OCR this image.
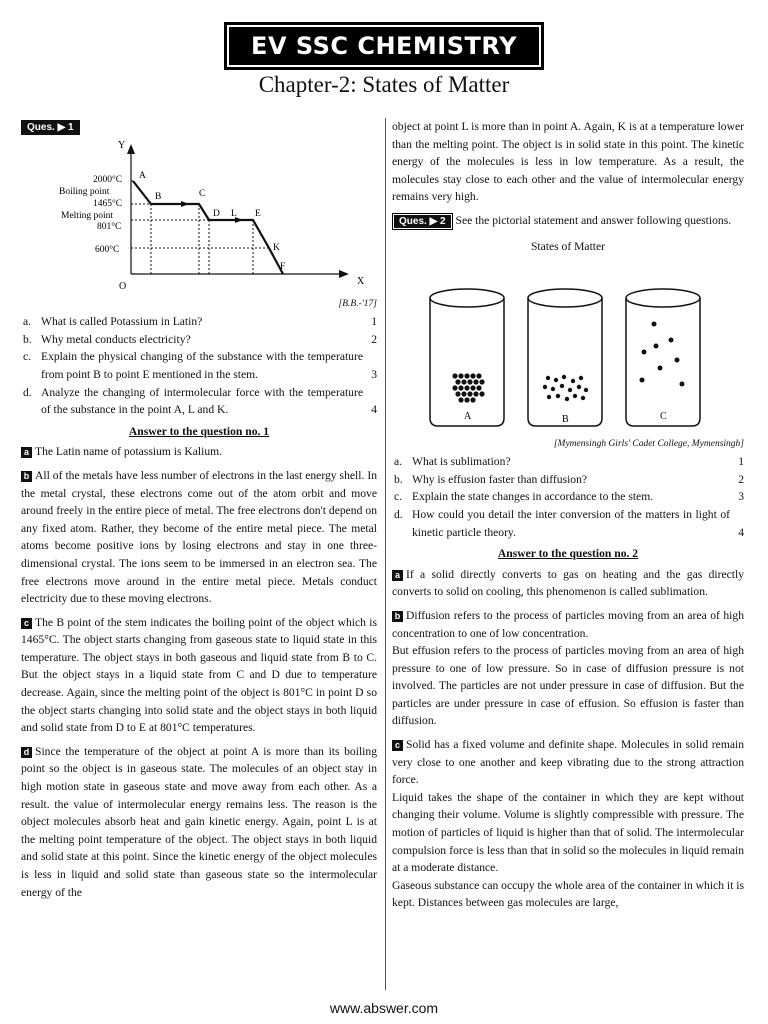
EV SSC CHEMISTRY
Chapter-2: States of Matter
Ques. ▶ 1
Y
X
O
2000°C
Boiling point
1465°C
Melting point
801°C
600°C
A
B	C
D L E
K
F
[B.B.-'17]
a. What is called Potassium in Latin?	1
b. Why metal conducts electricity?	2
c. Explain the physical changing of the substance with the temperature from point B to point E mentioned in the stem.	3
d. Analyze the changing of intermolecular force with the temperature of the substance in the point A, L and K.	4
Answer to the question no. 1

a The Latin name of potassium is Kalium.

b All of the metals have less number of electrons in the last energy shell. In the metal crystal, these electrons come out of the atom orbit and move around freely in the entire piece of metal. The free electrons don't depend on any fixed atom. Rather, they become of the entire metal piece. The metal atoms become positive ions by losing electrons and stay in one three-dimensional crystal. The ions seem to be immersed in an electron sea. The free electrons move around in the entire metal piece. Metals conduct electricity due to these moving electrons.

c The B point of the stem indicates the boiling point of the object which is 1465°C. The object starts changing from gaseous state to liquid state in this temperature. The object stays in both gaseous and liquid state from B to C. But the object stays in a liquid state from C and D due to temperature decrease. Again, since the melting point of the object is 801°C in point D so the object starts changing into solid state and the object stays in both liquid and solid state from D to E at 801°C temperatures.

d Since the temperature of the object at point A is more than its boiling point so the object is in gaseous state. The molecules of an object stay in high motion state in gaseous state and move away from each other. As a result. the value of intermolecular energy remains less. The reason is the object molecules absorb heat and gain kinetic energy. Again, point L is at the melting point temperature of the object. The object stays in both liquid and solid state at this point. Since the kinetic energy of the object molecules is less in liquid and solid state than gaseous state so the intermolecular energy of the

object at point L is more than in point A. Again, K is at a temperature lower than the melting point. The object is in solid state in this point. The kinetic energy of the molecules is less in low temperature. As a result, the molecules stay close to each other and the value of intermolecular energy remains very high.

Ques. ▶ 2 See the pictorial statement and answer following questions.

States of Matter
A	B	C
[Mymensingh Girls' Cadet College, Mymensingh]
a. What is sublimation?	1
b. Why is effusion faster than diffusion?	2
c. Explain the state changes in accordance to the stem.	3
d. How could you detail the inter conversion of the matters in light of kinetic particle theory.	4
Answer to the question no. 2

a If a solid directly converts to gas on heating and the gas directly converts to solid on cooling, this phenomenon is called sublimation.

b Diffusion refers to the process of particles moving from an area of high concentration to one of low concentration.

But effusion refers to the process of particles moving from an area of high pressure to one of low pressure. So in case of diffusion pressure is not involved. The particles are not under pressure in case of diffusion. But the particles are under pressure in case of effusion. So effusion is faster than diffusion.

c Solid has a fixed volume and definite shape. Molecules in solid remain very close to one another and keep vibrating due to the strong attraction force.

Liquid takes the shape of the container in which they are kept without changing their volume. Volume is slightly compressible with pressure. The motion of particles of liquid is higher than that of solid. The intermolecular compulsion force is less than that in solid so the molecules in liquid remain at a moderate distance.

Gaseous substance can occupy the whole area of the container in which it is kept. Distances between gas molecules are large,

www.abswer.com
